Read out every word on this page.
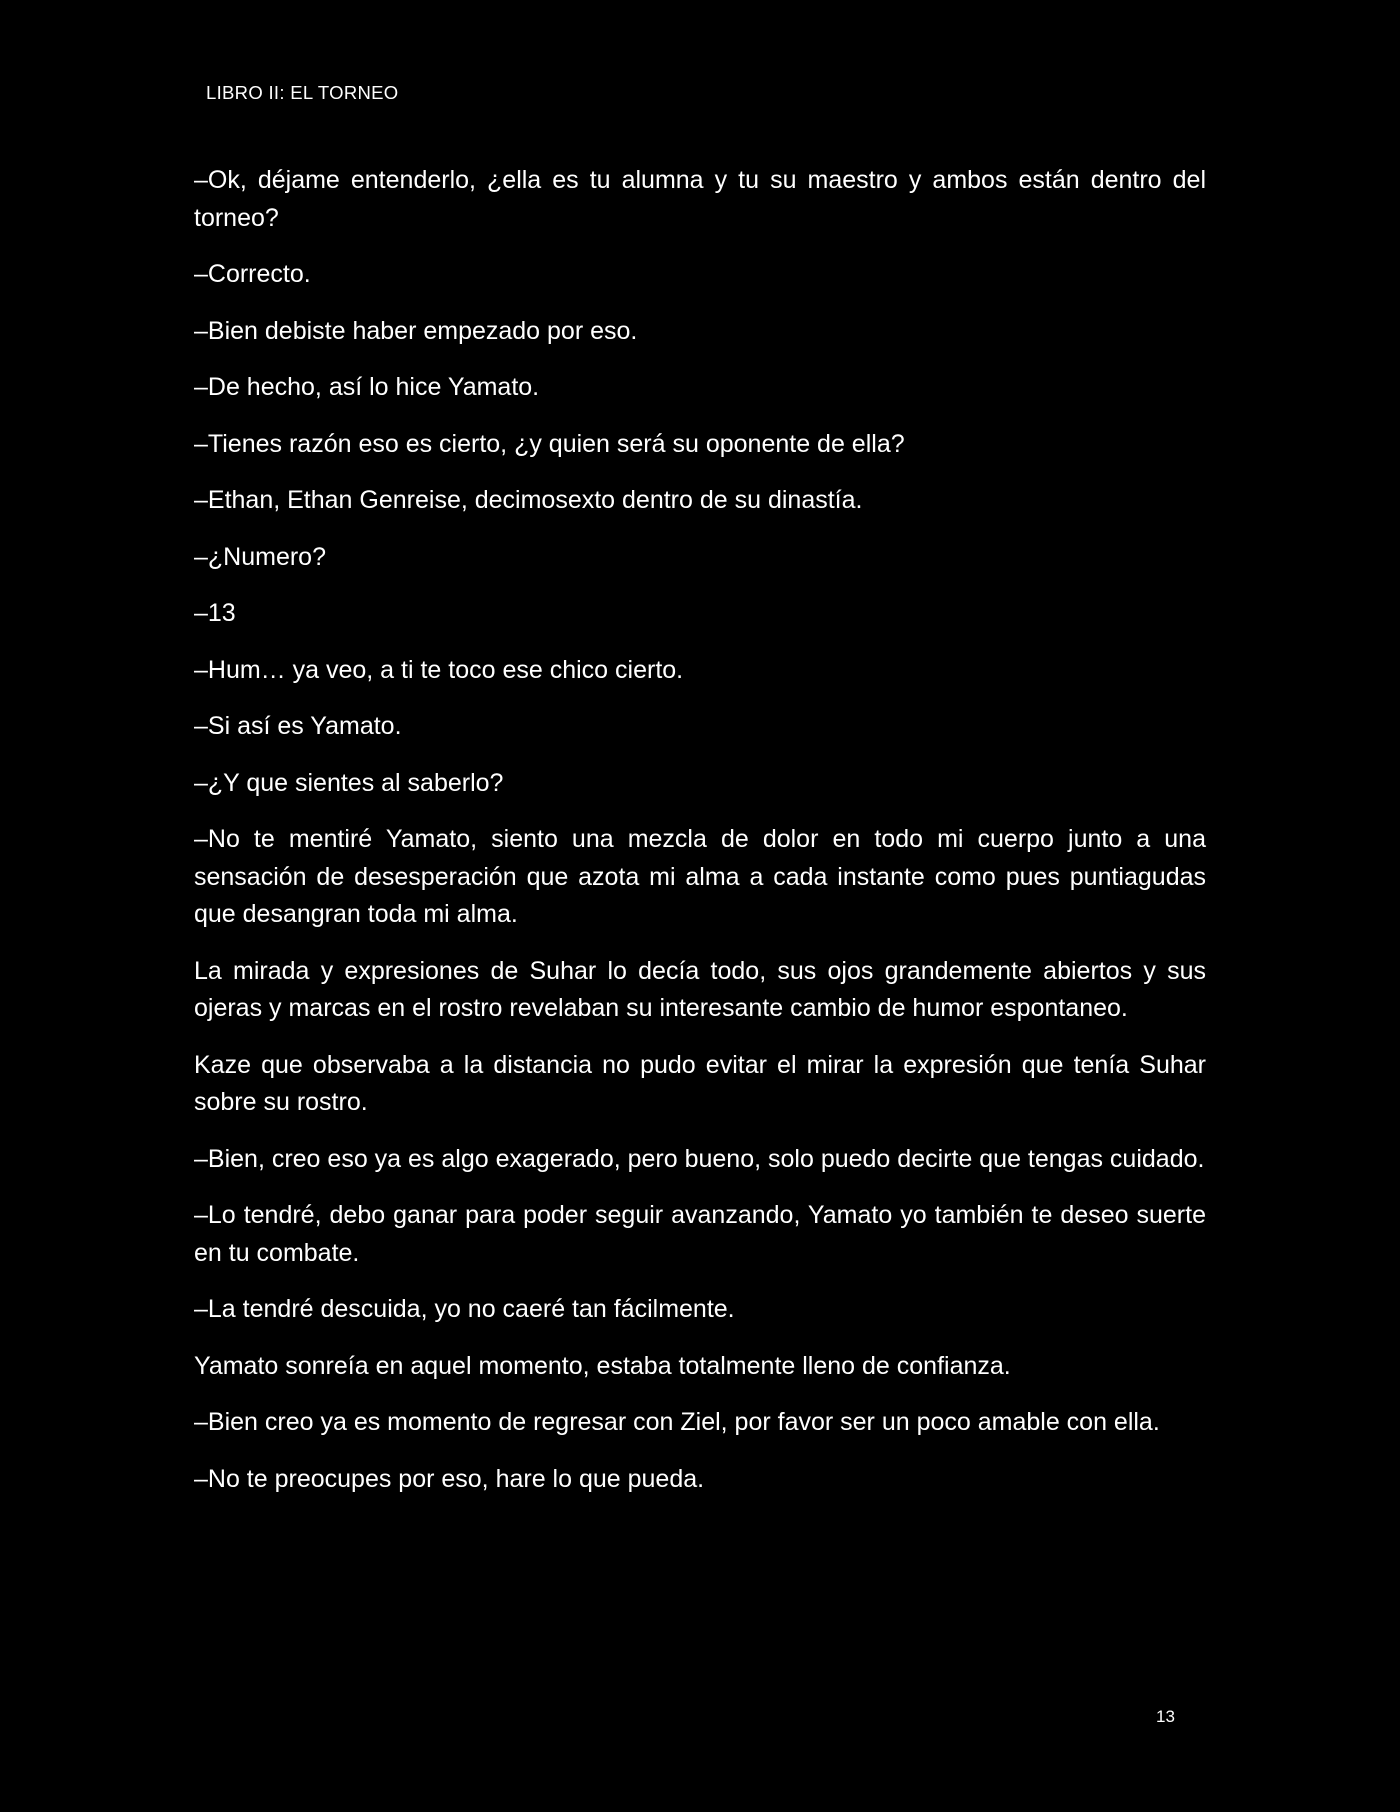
LIBRO II: EL TORNEO

–Ok, déjame entenderlo, ¿ella es tu alumna y tu su maestro y ambos están dentro del torneo?

–Correcto.

–Bien debiste haber empezado por eso.

–De hecho, así lo hice Yamato.

–Tienes razón eso es cierto, ¿y quien será su oponente de ella?

–Ethan, Ethan Genreise, decimosexto dentro de su dinastía.

–¿Numero?

–13

–Hum… ya veo, a ti te toco ese chico cierto.

–Si así es Yamato.

–¿Y que sientes al saberlo?

–No te mentiré Yamato, siento una mezcla de dolor en todo mi cuerpo junto a una sensación de desesperación que azota mi alma a cada instante como pues puntiagudas que desangran toda mi alma.

La mirada y expresiones de Suhar lo decía todo, sus ojos grandemente abiertos y sus ojeras y marcas en el rostro revelaban su interesante cambio de humor espontaneo.

Kaze que observaba a la distancia no pudo evitar el mirar la expresión que tenía Suhar sobre su rostro.

–Bien, creo eso ya es algo exagerado, pero bueno, solo puedo decirte que tengas cuidado.

–Lo tendré, debo ganar para poder seguir avanzando, Yamato yo también te deseo suerte en tu combate.

–La tendré descuida, yo no caeré tan fácilmente.

Yamato sonreía en aquel momento, estaba totalmente lleno de confianza.

–Bien creo ya es momento de regresar con Ziel, por favor ser un poco amable con ella.

–No te preocupes por eso, hare lo que pueda.

13
